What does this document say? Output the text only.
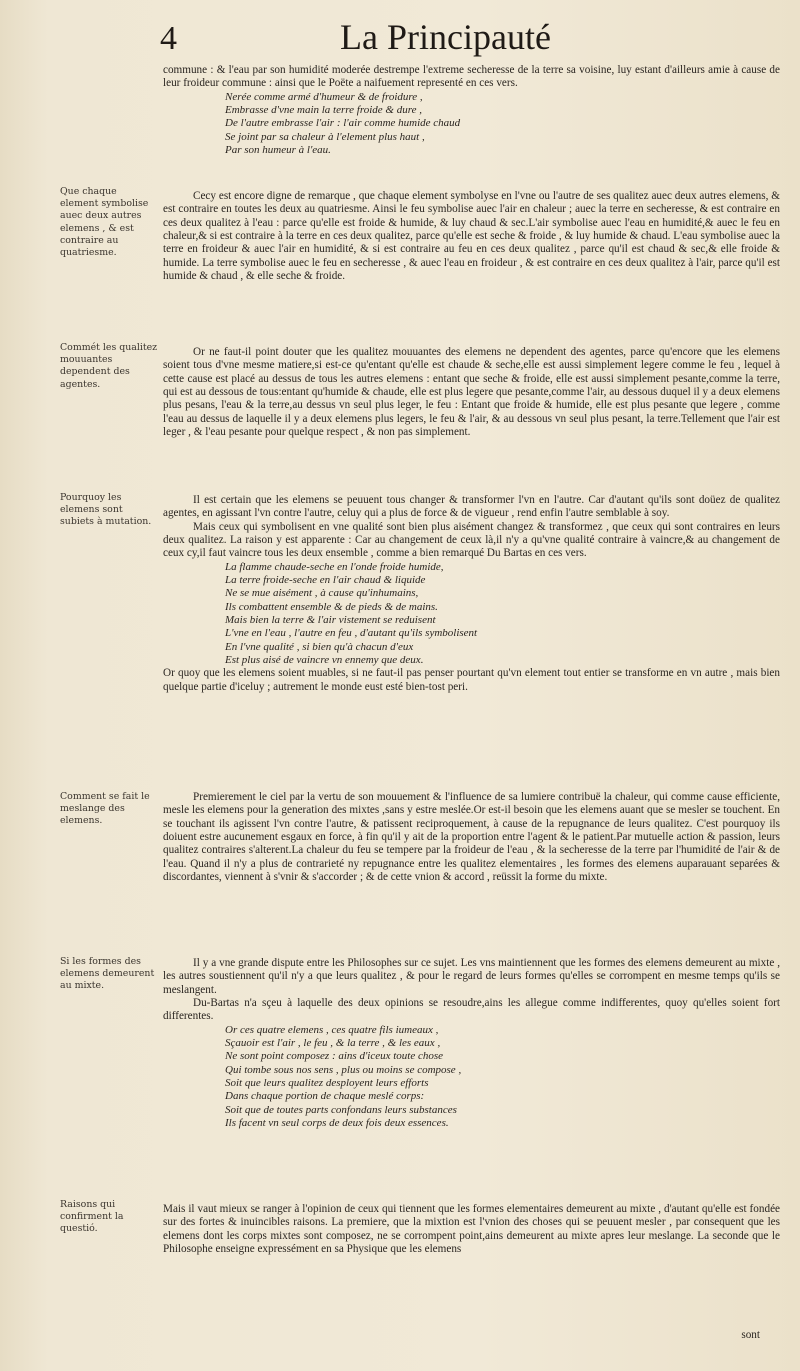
4	La Principauté
Que chaque element symbolise auec deux autres elemens , & est contraire au quatriesme.
Commét les qualitez mouuantes dependent des agentes.
Pourquoy les elemens sont subiets à mutation.
Comment se fait le meslange des elemens.
Si les formes des elemens demeurent au mixte.
Raisons qui confirment la questió.

commune : & l'eau par son humidité moderée destrempe l'extreme secheresse de la terre sa voisine, luy estant d'ailleurs amie à cause de leur froideur commune : ainsi que le Poëte a naifuement representé en ces vers.

Nerée comme armé d'humeur & de froidure ,
Embrasse d'vne main la terre froide & dure ,
De l'autre embrasse l'air : l'air comme humide chaud
Se joint par sa chaleur à l'element plus haut ,
Par son humeur à l'eau.

Cecy est encore digne de remarque , que chaque element symbolyse en l'vne ou l'autre de ses qualitez auec deux autres elemens, & est contraire en toutes les deux au quatriesme. Ainsi le feu symbolise auec l'air en chaleur ; auec la terre en secheresse, & est contraire en ces deux qualitez à l'eau : parce qu'elle est froide & humide, & luy chaud & sec.L'air symbolise auec l'eau en humidité,& auec le feu en chaleur,& si est contraire à la terre en ces deux qualitez, parce qu'elle est seche & froide , & luy humide & chaud. L'eau symbolise auec la terre en froideur & auec l'air en humidité, & si est contraire au feu en ces deux qualitez , parce qu'il est chaud & sec,& elle froide & humide. La terre symbolise auec le feu en secheresse , & auec l'eau en froideur , & est contraire en ces deux qualitez à l'air, parce qu'il est humide & chaud , & elle seche & froide.

Or ne faut-il point douter que les qualitez mouuantes des elemens ne dependent des agentes, parce qu'encore que les elemens soient tous d'vne mesme matiere,si est-ce qu'entant qu'elle est chaude & seche,elle est aussi simplement legere comme le feu , lequel à cette cause est placé au dessus de tous les autres elemens : entant que seche & froide, elle est aussi simplement pesante,comme la terre, qui est au dessous de tous:entant qu'humide & chaude, elle est plus legere que pesante,comme l'air, au dessous duquel il y a deux elemens plus pesans, l'eau & la terre,au dessus vn seul plus leger, le feu : Entant que froide & humide, elle est plus pesante que legere , comme l'eau au dessus de laquelle il y a deux elemens plus legers, le feu & l'air, & au dessous vn seul plus pesant, la terre.Tellement que l'air est leger , & l'eau pesante pour quelque respect , & non pas simplement.

Il est certain que les elemens se peuuent tous changer & transformer l'vn en l'autre. Car d'autant qu'ils sont doüez de qualitez agentes, en agissant l'vn contre l'autre, celuy qui a plus de force & de vigueur , rend enfin l'autre semblable à soy.

Mais ceux qui symbolisent en vne qualité sont bien plus aisément changez & transformez , que ceux qui sont contraires en leurs deux qualitez. La raison y est apparente : Car au changement de ceux là,il n'y a qu'vne qualité contraire à vaincre,& au changement de ceux cy,il faut vaincre tous les deux ensemble , comme a bien remarqué Du Bartas en ces vers.

La flamme chaude-seche en l'onde froide humide,
La terre froide-seche en l'air chaud & liquide
Ne se mue aisément , à cause qu'inhumains,
Ils combattent ensemble & de pieds & de mains.
Mais bien la terre & l'air vistement se reduisent
L'vne en l'eau , l'autre en feu , d'autant qu'ils symbolisent
En l'vne qualité , si bien qu'à chacun d'eux
Est plus aisé de vaincre vn ennemy que deux.

Or quoy que les elemens soient muables, si ne faut-il pas penser pourtant qu'vn element tout entier se transforme en vn autre , mais bien quelque partie d'iceluy ; autrement le monde eust esté bien-tost peri.

Premierement le ciel par la vertu de son mouuement & l'influence de sa lumiere contribuë la chaleur, qui comme cause efficiente, mesle les elemens pour la generation des mixtes ,sans y estre meslée.Or est-il besoin que les elemens auant que se mesler se touchent. En se touchant ils agissent l'vn contre l'autre, & patissent reciproquement, à cause de la repugnance de leurs qualitez. C'est pourquoy ils doiuent estre aucunement esgaux en force, à fin qu'il y ait de la proportion entre l'agent & le patient.Par mutuelle action & passion, leurs qualitez contraires s'alterent.La chaleur du feu se tempere par la froideur de l'eau , & la secheresse de la terre par l'humidité de l'air & de l'eau. Quand il n'y a plus de contrarieté ny repugnance entre les qualitez elementaires , les formes des elemens auparauant separées & discordantes, viennent à s'vnir & s'accorder ; & de cette vnion & accord , reüssit la forme du mixte.

Il y a vne grande dispute entre les Philosophes sur ce sujet. Les vns maintiennent que les formes des elemens demeurent au mixte , les autres soustiennent qu'il n'y a que leurs qualitez , & pour le regard de leurs formes qu'elles se corrompent en mesme temps qu'ils se meslangent.

Du-Bartas n'a sçeu à laquelle des deux opinions se resoudre,ains les allegue comme indifferentes, quoy qu'elles soient fort differentes.

Or ces quatre elemens , ces quatre fils iumeaux ,
Sçauoir est l'air , le feu , & la terre , & les eaux ,
Ne sont point composez : ains d'iceux toute chose
Qui tombe sous nos sens , plus ou moins se compose ,
Soit que leurs qualitez desployent leurs efforts
Dans chaque portion de chaque meslé corps:
Soit que de toutes parts confondans leurs substances
Ils facent vn seul corps de deux fois deux essences.

Mais il vaut mieux se ranger à l'opinion de ceux qui tiennent que les formes elementaires demeurent au mixte , d'autant qu'elle est fondée sur des fortes & inuincibles raisons. La premiere, que la mixtion est l'vnion des choses qui se peuuent mesler , par consequent que les elemens dont les corps mixtes sont composez, ne se corrompent point,ains demeurent au mixte apres leur meslange. La seconde que le Philosophe enseigne expressément en sa Physique que les elemens

sont
